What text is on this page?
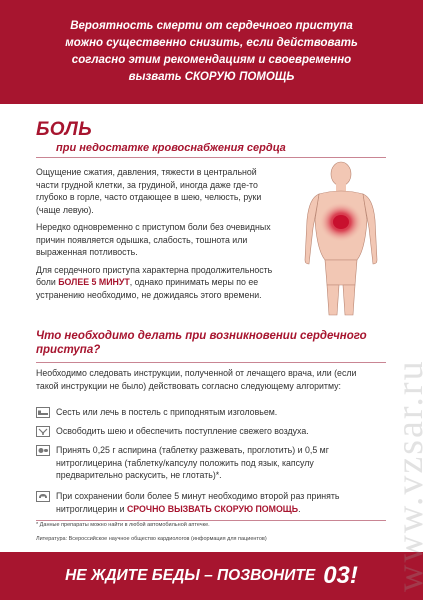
Вероятность смерти от сердечного приступа
можно существенно снизить, если действовать
согласно этим рекомендациям и своевременно
вызвать СКОРУЮ ПОМОЩЬ
БОЛЬ
при недостатке кровоснабжения сердца

Ощущение сжатия, давления, тяжести в центральной части грудной клетки, за грудиной, иногда даже где-то глубоко в горле, часто отдающее в шею, челюсть, руки (чаще левую).

Нередко одновременно с приступом боли без очевидных причин появляется одышка, слабость, тошнота или выраженная потливость.

Для сердечного приступа характерна продолжительность боли БОЛЕЕ 5 МИНУТ, однако принимать меры по ее устранению необходимо, не дожидаясь этого времени.

Что необходимо делать при возникновении сердечного приступа?
Необходимо следовать инструкции, полученной от лечащего врача, или (если такой инструкции не было) действовать согласно следующему алгоритму:
Сесть или лечь в постель с приподнятым изголовьем.
Освободить шею и обеспечить поступление свежего воздуха.
Принять 0,25 г аспирина (таблетку разжевать, проглотить) и 0,5 мг нитроглицерина (таблетку/капсулу положить под язык, капсулу предварительно раскусить, не глотать)*.
При сохранении боли более 5 минут необходимо второй раз принять нитроглицерин и СРОЧНО ВЫЗВАТЬ СКОРУЮ ПОМОЩЬ.
* Данные препараты можно найти в любой автомобильной аптечке.
Литература: Всероссийское научное общество кардиологов (информация для пациентов)
НЕ ЖДИТЕ БЕДЫ – ПОЗВОНИТЕ 03! www.vzsar.ru
